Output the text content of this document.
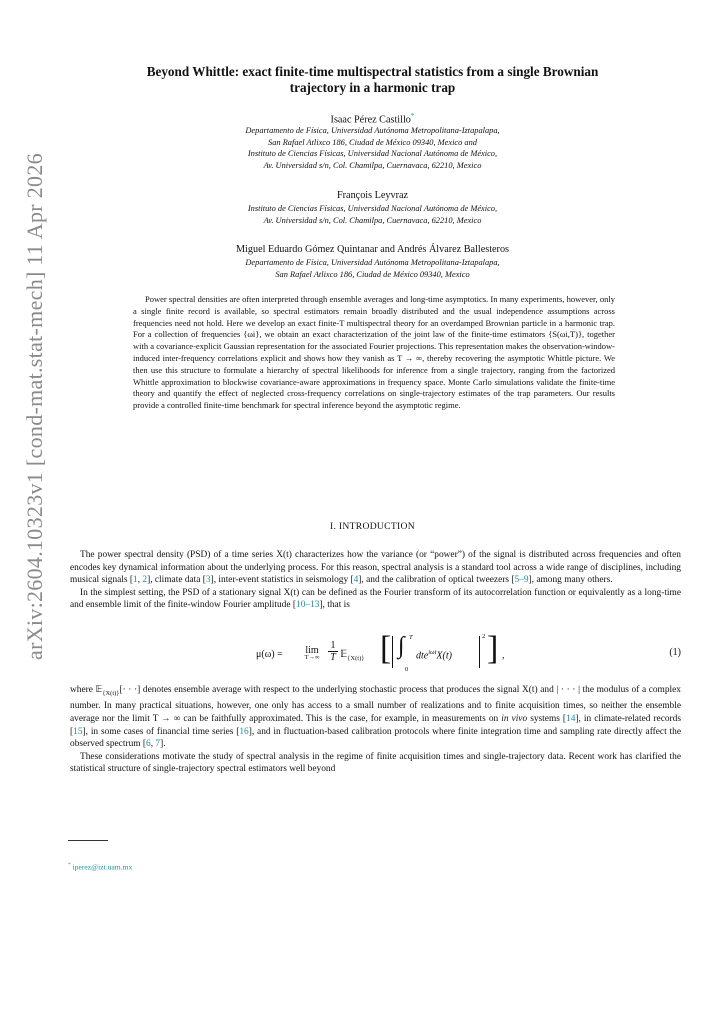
arXiv:2604.10323v1 [cond-mat.stat-mech] 11 Apr 2026
Beyond Whittle: exact finite-time multispectral statistics from a single Brownian
trajectory in a harmonic trap
Isaac Pérez Castillo*
Departamento de Física, Universidad Autónoma Metropolitana-Iztapalapa,
San Rafael Atlixco 186, Ciudad de México 09340, Mexico and
Instituto de Ciencias Físicas, Universidad Nacional Autónoma de México,
Av. Universidad s/n, Col. Chamilpa, Cuernavaca, 62210, Mexico
François Leyvraz
Instituto de Ciencias Físicas, Universidad Nacional Autónoma de México,
Av. Universidad s/n, Col. Chamilpa, Cuernavaca, 62210, Mexico
Miguel Eduardo Gómez Quintanar and Andrés Álvarez Ballesteros
Departamento de Física, Universidad Autónoma Metropolitana-Iztapalapa,
San Rafael Atlixco 186, Ciudad de México 09340, Mexico
Power spectral densities are often interpreted through ensemble averages and long-time asymptotics. In many experiments, however, only a single finite record is available, so spectral estimators remain broadly distributed and the usual independence assumptions across frequencies need not hold. Here we develop an exact finite-T multispectral theory for an overdamped Brownian particle in a harmonic trap. For a collection of frequencies {ωi}, we obtain an exact characterization of the joint law of the finite-time estimators {S(ωi,T)}, together with a covariance-explicit Gaussian representation for the associated Fourier projections. This representation makes the observation-window-induced inter-frequency correlations explicit and shows how they vanish as T → ∞, thereby recovering the asymptotic Whittle picture. We then use this structure to formulate a hierarchy of spectral likelihoods for inference from a single trajectory, ranging from the factorized Whittle approximation to blockwise covariance-aware approximations in frequency space. Monte Carlo simulations validate the finite-time theory and quantify the effect of neglected cross-frequency correlations on single-trajectory estimates of the trap parameters. Our results provide a controlled finite-time benchmark for spectral inference beyond the asymptotic regime.
I. INTRODUCTION

The power spectral density (PSD) of a time series X(t) characterizes how the variance (or “power”) of the signal is distributed across frequencies and often encodes key dynamical information about the underlying process. For this reason, spectral analysis is a standard tool across a wide range of disciplines, including musical signals [1, 2], climate data [3], inter-event statistics in seismology [4], and the calibration of optical tweezers [5–9], among many others.

In the simplest setting, the PSD of a stationary signal X(t) can be defined as the Fourier transform of its autocorrelation function or equivalently as a long-time and ensemble limit of the finite-window Fourier amplitude [10–13], that is

μ(ω) =	lim
T→∞
1
T 𝔼$_{\{X(t)\}}$ [ ∫ T
0
dte$^{i\omega t}$X(t)
2 ] ,	(1)

where 𝔼$_{\{X(t)\}}$[· · ·] denotes ensemble average with respect to the underlying stochastic process that produces the signal X(t) and | · · · | the modulus of a complex number. In many practical situations, however, one only has access to a small number of realizations and to finite acquisition times, so neither the ensemble average nor the limit T → ∞ can be faithfully approximated. This is the case, for example, in measurements on in vivo systems [14], in climate-related records [15], in some cases of financial time series [16], and in fluctuation-based calibration protocols where finite integration time and sampling rate directly affect the observed spectrum [6, 7].

These considerations motivate the study of spectral analysis in the regime of finite acquisition times and single-trajectory data. Recent work has clarified the statistical structure of single-trajectory spectral estimators well beyond

* iperez@izt.uam.mx
